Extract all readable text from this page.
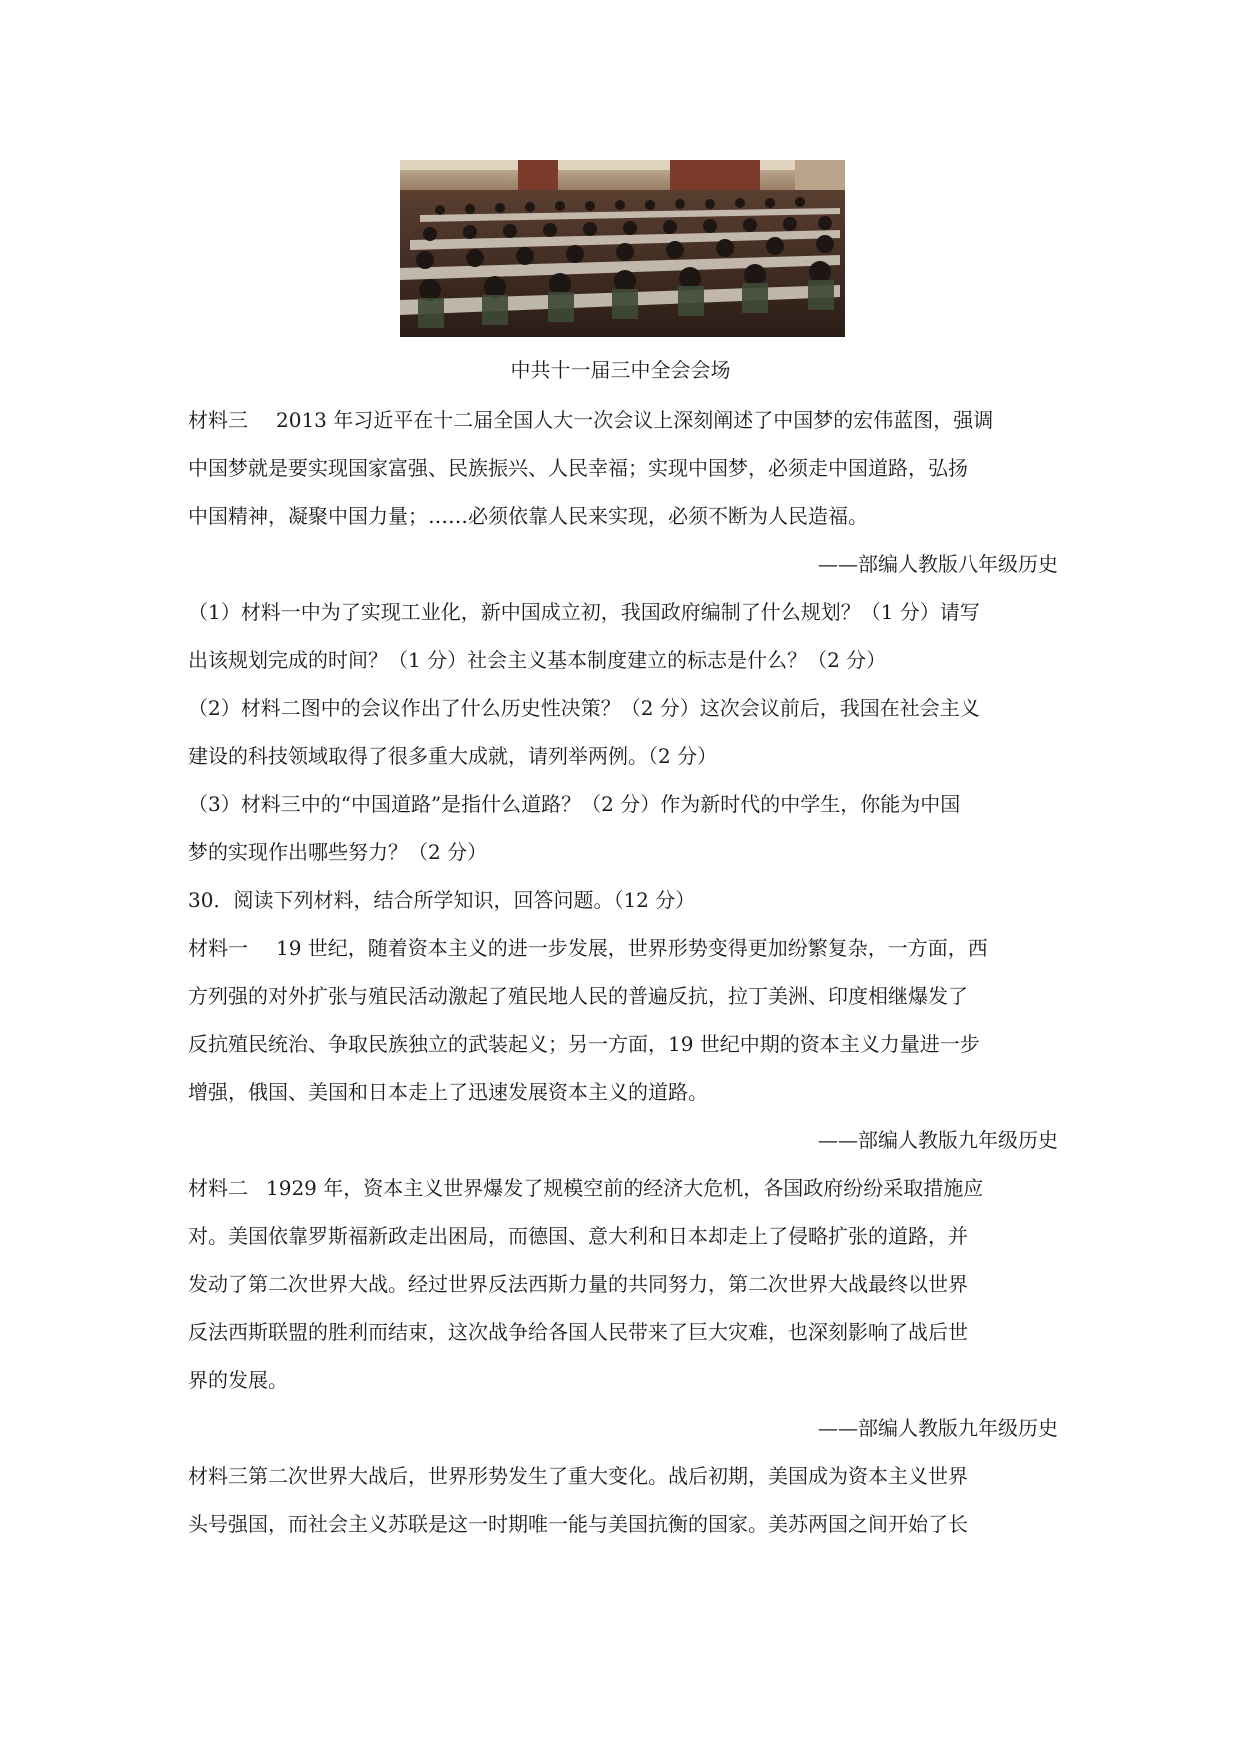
中共十一届三中全会会场

材料三 2013 年习近平在十二届全国人大一次会议上深刻阐述了中国梦的宏伟蓝图，强调

中国梦就是要实现国家富强、民族振兴、人民幸福；实现中国梦，必须走中国道路，弘扬

中国精神，凝聚中国力量；……必须依靠人民来实现，必须不断为人民造福。

——部编人教版八年级历史

（1）材料一中为了实现工业化，新中国成立初，我国政府编制了什么规划？（1 分）请写

出该规划完成的时间？（1 分）社会主义基本制度建立的标志是什么？（2 分）

（2）材料二图中的会议作出了什么历史性决策？（2 分）这次会议前后，我国在社会主义

建设的科技领域取得了很多重大成就，请列举两例。（2 分）

（3）材料三中的“中国道路”是指什么道路？（2 分）作为新时代的中学生，你能为中国

梦的实现作出哪些努力？（2 分）

30．阅读下列材料，结合所学知识，回答问题。（12 分）

材料一 19 世纪，随着资本主义的进一步发展，世界形势变得更加纷繁复杂，一方面，西

方列强的对外扩张与殖民活动激起了殖民地人民的普遍反抗，拉丁美洲、印度相继爆发了

反抗殖民统治、争取民族独立的武装起义；另一方面，19 世纪中期的资本主义力量进一步

增强，俄国、美国和日本走上了迅速发展资本主义的道路。

——部编人教版九年级历史

材料二 1929 年，资本主义世界爆发了规模空前的经济大危机，各国政府纷纷采取措施应

对。美国依靠罗斯福新政走出困局，而德国、意大利和日本却走上了侵略扩张的道路，并

发动了第二次世界大战。经过世界反法西斯力量的共同努力，第二次世界大战最终以世界

反法西斯联盟的胜利而结束，这次战争给各国人民带来了巨大灾难，也深刻影响了战后世

界的发展。

——部编人教版九年级历史

材料三第二次世界大战后，世界形势发生了重大变化。战后初期，美国成为资本主义世界

头号强国，而社会主义苏联是这一时期唯一能与美国抗衡的国家。美苏两国之间开始了长
